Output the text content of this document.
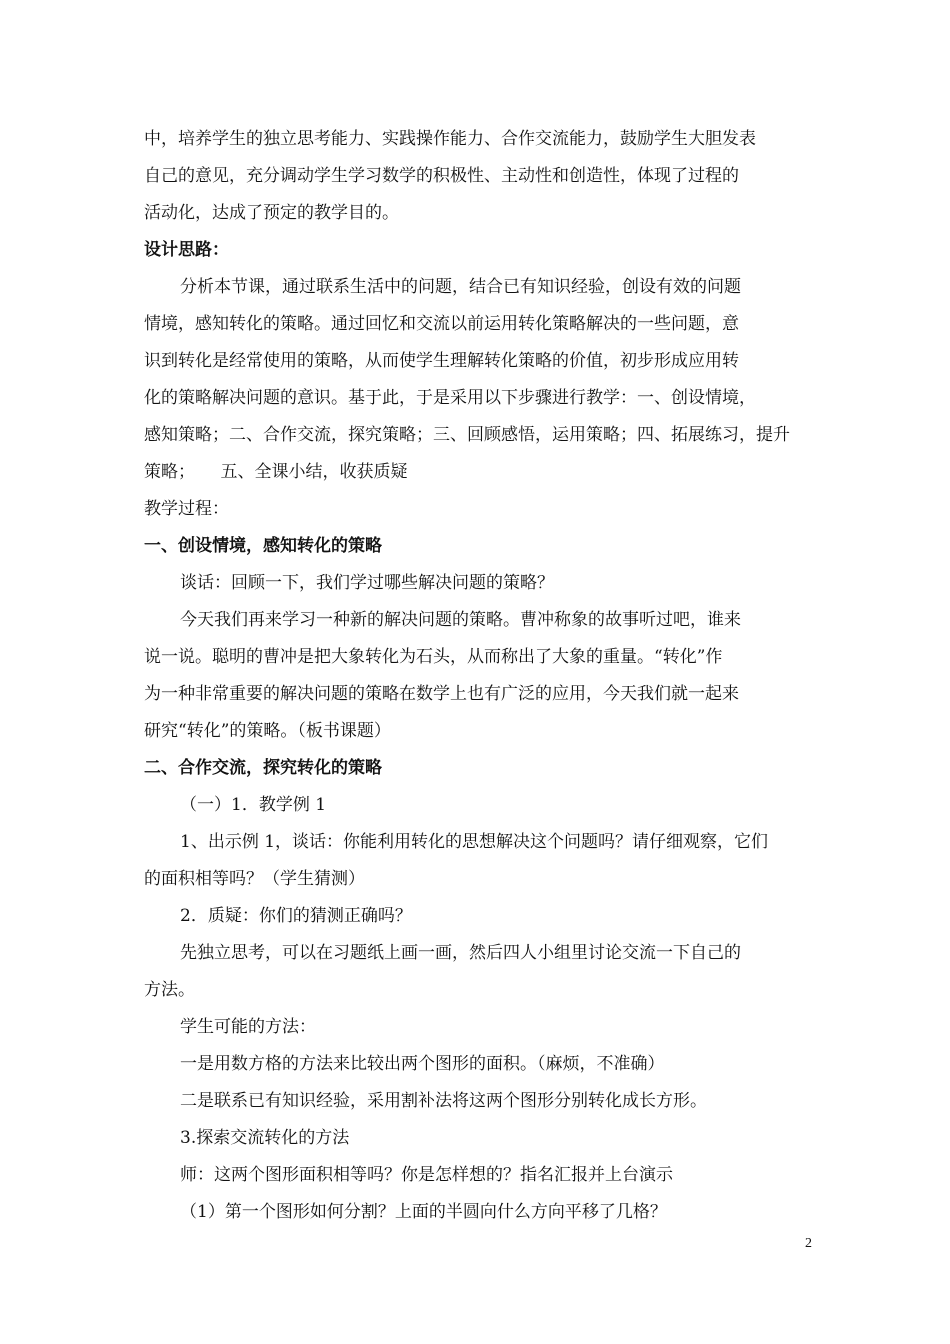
中，培养学生的独立思考能力、实践操作能力、合作交流能力，鼓励学生大胆发表
自己的意见，充分调动学生学习数学的积极性、主动性和创造性，体现了过程的
活动化，达成了预定的教学目的。
设计思路：
分析本节课，通过联系生活中的问题，结合已有知识经验，创设有效的问题
情境，感知转化的策略。通过回忆和交流以前运用转化策略解决的一些问题，意
识到转化是经常使用的策略，从而使学生理解转化策略的价值，初步形成应用转
化的策略解决问题的意识。基于此，于是采用以下步骤进行教学：一、创设情境，
感知策略；二、合作交流，探究策略；三、回顾感悟，运用策略；四、拓展练习，提升
策略；　　五、全课小结，收获质疑
教学过程：
一、创设情境，感知转化的策略
谈话：回顾一下，我们学过哪些解决问题的策略？
今天我们再来学习一种新的解决问题的策略。曹冲称象的故事听过吧，谁来
说一说。聪明的曹冲是把大象转化为石头，从而称出了大象的重量。“转化”作
为一种非常重要的解决问题的策略在数学上也有广泛的应用，今天我们就一起来
研究“转化”的策略。（板书课题）
二、合作交流，探究转化的策略
（一）1．教学例 1
1、出示例 1，谈话：你能利用转化的思想解决这个问题吗？请仔细观察，它们
的面积相等吗？（学生猜测）
2．质疑：你们的猜测正确吗？
先独立思考，可以在习题纸上画一画，然后四人小组里讨论交流一下自己的
方法。
学生可能的方法：
一是用数方格的方法来比较出两个图形的面积。（麻烦，不准确）
二是联系已有知识经验，采用割补法将这两个图形分别转化成长方形。
3.探索交流转化的方法
师：这两个图形面积相等吗？你是怎样想的？指名汇报并上台演示
（1）第一个图形如何分割？上面的半圆向什么方向平移了几格？
2
